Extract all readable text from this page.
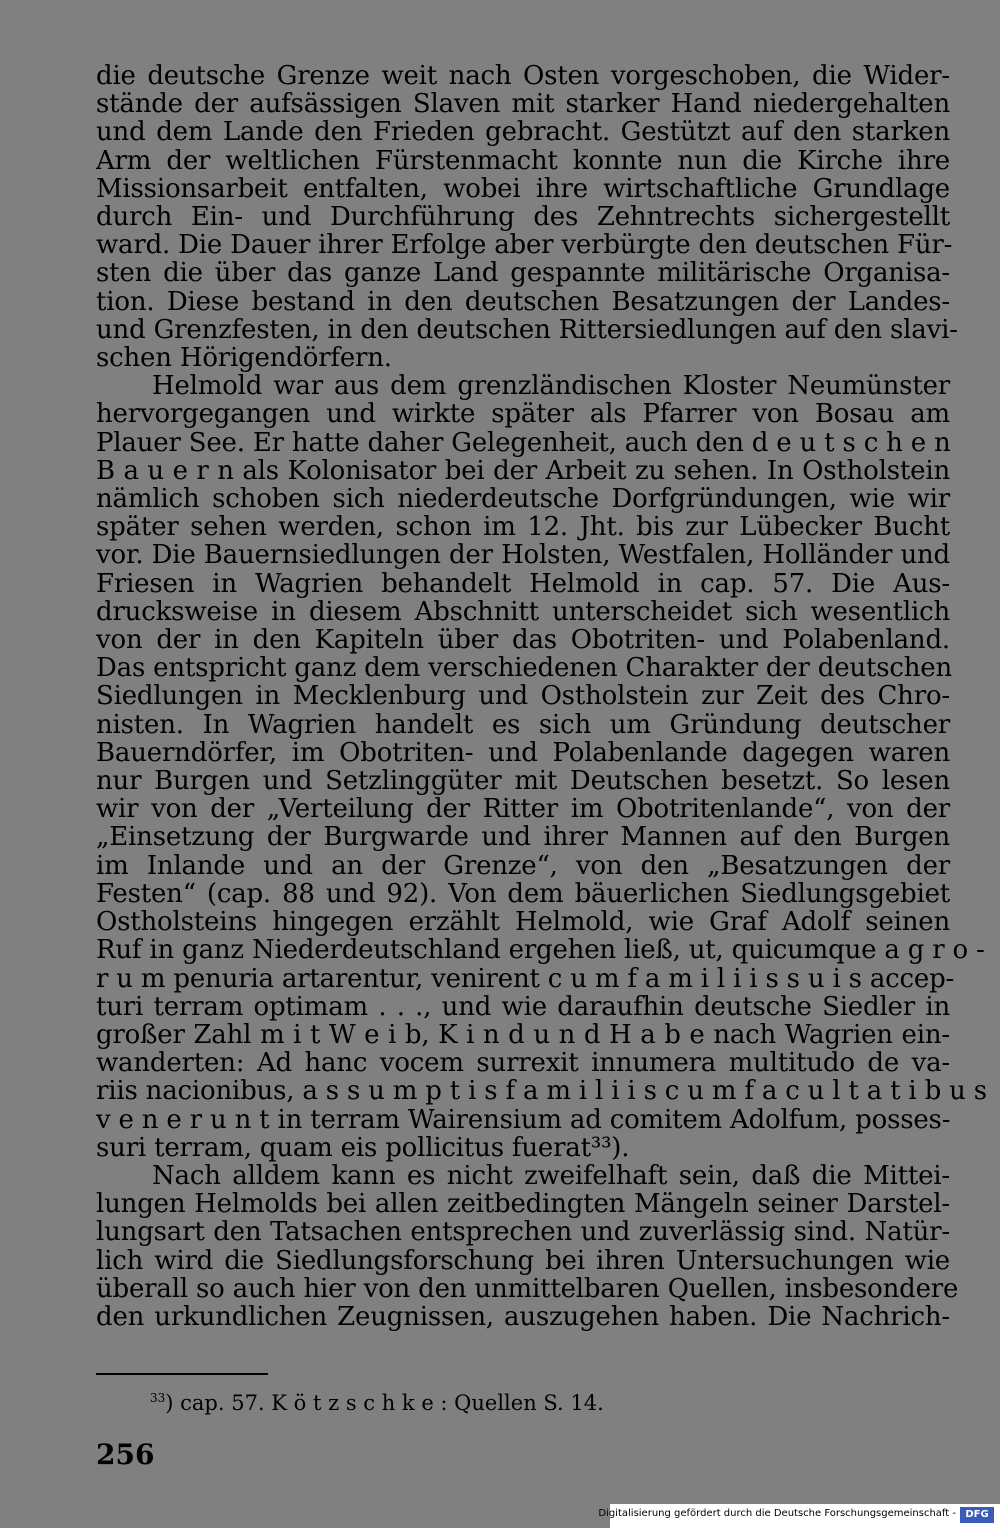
die deutsche Grenze weit nach Osten vorgeschoben, die Wider-
stände der aufsässigen Slaven mit starker Hand niedergehalten
und dem Lande den Frieden gebracht. Gestützt auf den starken
Arm der weltlichen Fürstenmacht konnte nun die Kirche ihre
Missionsarbeit entfalten, wobei ihre wirtschaftliche Grundlage
durch Ein- und Durchführung des Zehntrechts sichergestellt
ward. Die Dauer ihrer Erfolge aber verbürgte den deutschen Für-
sten die über das ganze Land gespannte militärische Organisa-
tion. Diese bestand in den deutschen Besatzungen der Landes-
und Grenzfesten, in den deutschen Rittersiedlungen auf den slavi-
schen Hörigendörfern.
Helmold war aus dem grenzländischen Kloster Neumünster
hervorgegangen und wirkte später als Pfarrer von Bosau am
Plauer See. Er hatte daher Gelegenheit, auch den d e u t s c h e n
B a u e r n als Kolonisator bei der Arbeit zu sehen. In Ostholstein
nämlich schoben sich niederdeutsche Dorfgründungen, wie wir
später sehen werden, schon im 12. Jht. bis zur Lübecker Bucht
vor. Die Bauernsiedlungen der Holsten, Westfalen, Holländer und
Friesen in Wagrien behandelt Helmold in cap. 57. Die Aus-
drucksweise in diesem Abschnitt unterscheidet sich wesentlich
von der in den Kapiteln über das Obotriten- und Polabenland.
Das entspricht ganz dem verschiedenen Charakter der deutschen
Siedlungen in Mecklenburg und Ostholstein zur Zeit des Chro-
nisten. In Wagrien handelt es sich um Gründung deutscher
Bauerndörfer, im Obotriten- und Polabenlande dagegen waren
nur Burgen und Setzlinggüter mit Deutschen besetzt. So lesen
wir von der „Verteilung der Ritter im Obotritenlande“, von der
„Einsetzung der Burgwarde und ihrer Mannen auf den Burgen
im Inlande und an der Grenze“, von den „Besatzungen der
Festen“ (cap. 88 und 92). Von dem bäuerlichen Siedlungsgebiet
Ostholsteins hingegen erzählt Helmold, wie Graf Adolf seinen
Ruf in ganz Niederdeutschland ergehen ließ, ut, quicumque a g r o -
r u m penuria artarentur, venirent c u m f a m i l i i s s u i s accep-
turi terram optimam . . ., und wie daraufhin deutsche Siedler in
großer Zahl m i t W e i b, K i n d u n d H a b e nach Wagrien ein-
wanderten: Ad hanc vocem surrexit innumera multitudo de va-
riis nacionibus, a s s u m p t i s f a m i l i i s c u m f a c u l t a t i b u s
v e n e r u n t in terram Wairensium ad comitem Adolfum, posses-
suri terram, quam eis pollicitus fuerat³³).
Nach alldem kann es nicht zweifelhaft sein, daß die Mittei-
lungen Helmolds bei allen zeitbedingten Mängeln seiner Darstel-
lungsart den Tatsachen entsprechen und zuverlässig sind. Natür-
lich wird die Siedlungsforschung bei ihren Untersuchungen wie
überall so auch hier von den unmittelbaren Quellen, insbesondere
den urkundlichen Zeugnissen, auszugehen haben. Die Nachrich-
$^{33}$) cap. 57. K ö t z s c h k e : Quellen S. 14.
256
Digitalisierung gefördert durch die Deutsche Forschungsgemeinschaft - DFG
